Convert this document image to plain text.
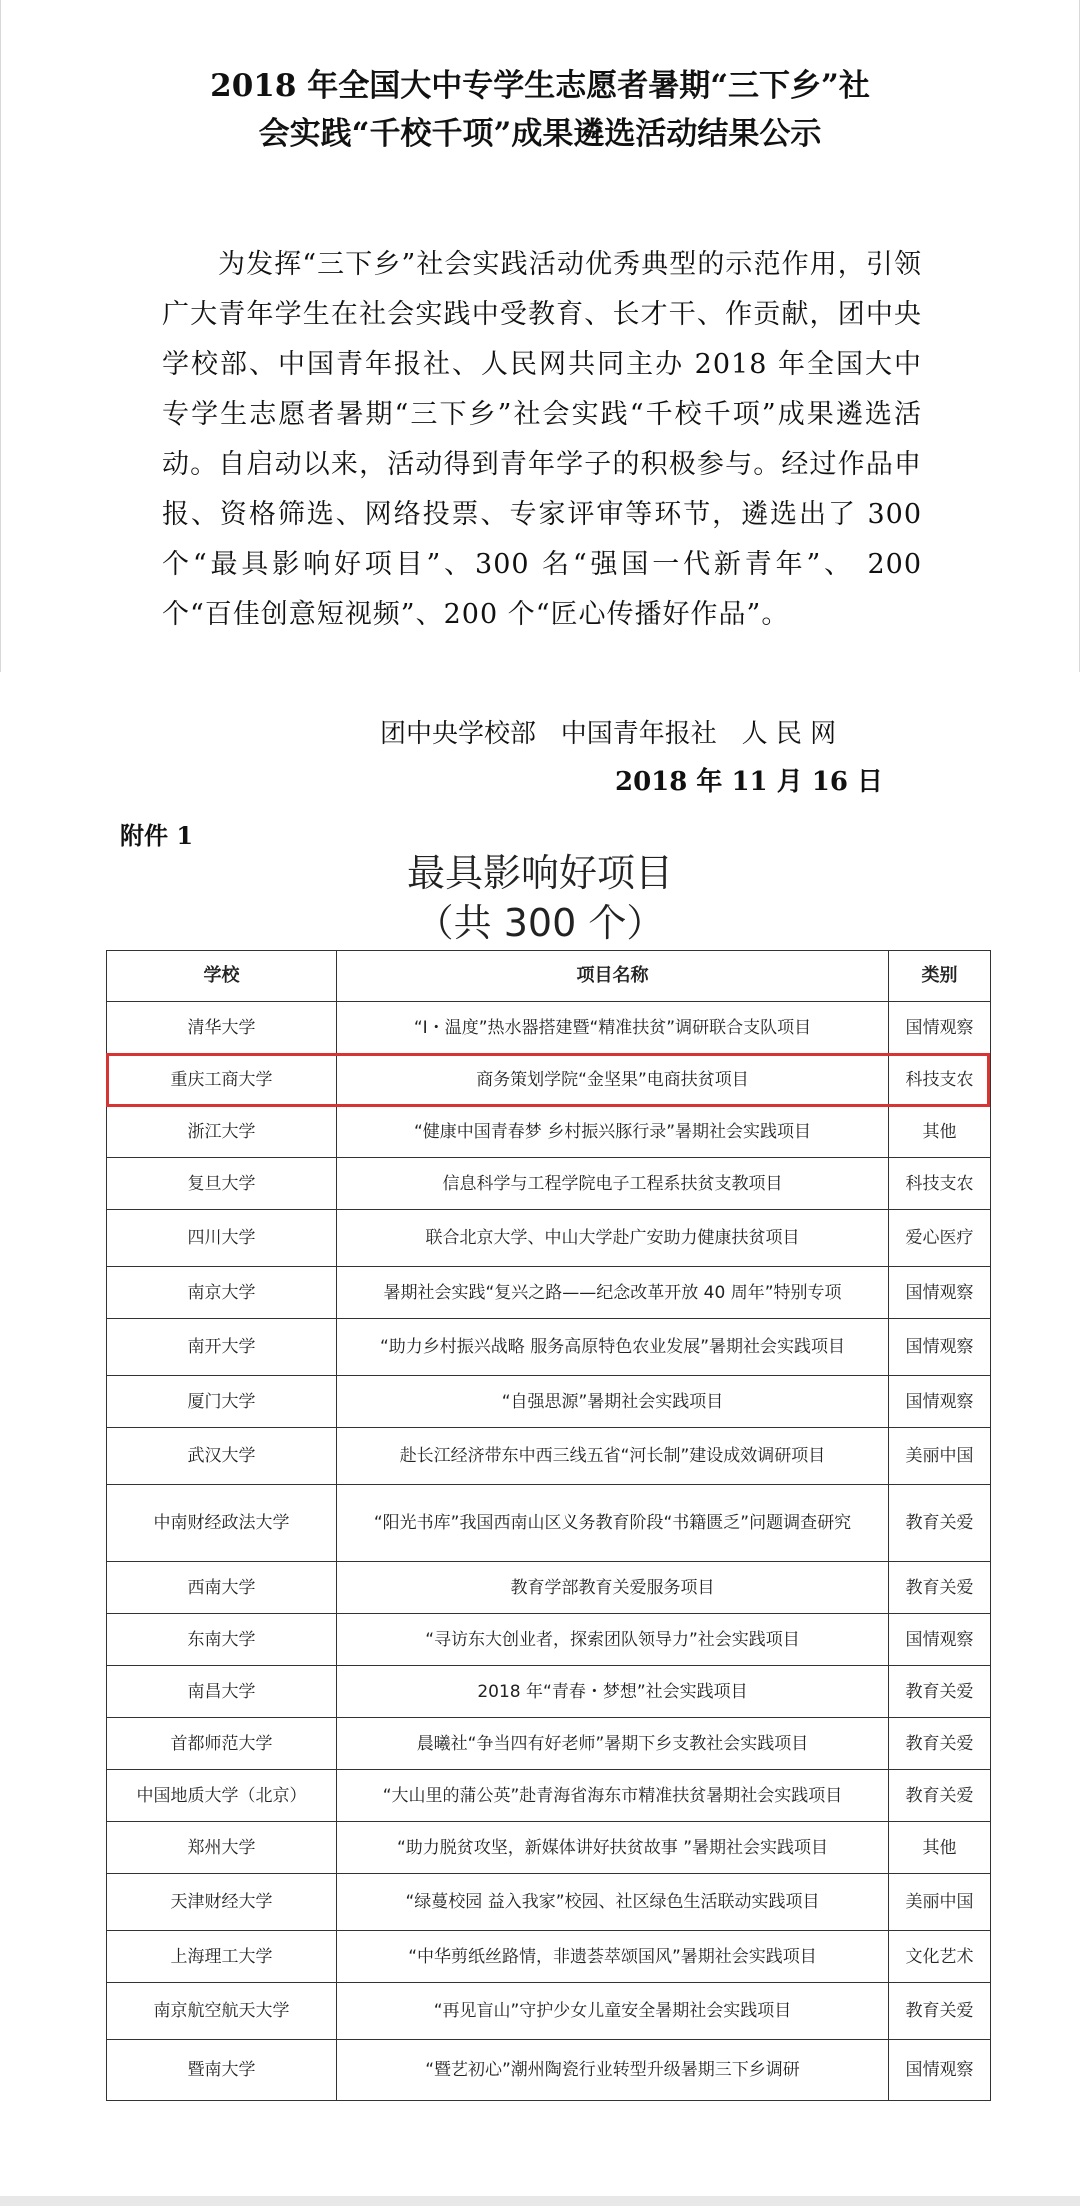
2018 年全国大中专学生志愿者暑期“三下乡”社
会实践“千校千项”成果遴选活动结果公示
为发挥“三下乡”社会实践活动优秀典型的示范作用，引领广大青年学生在社会实践中受教育、长才干、作贡献，团中央学校部、中国青年报社、人民网共同主办 2018 年全国大中专学生志愿者暑期“三下乡”社会实践“千校千项”成果遴选活动。自启动以来，活动得到青年学子的积极参与。经过作品申报、资格筛选、网络投票、专家评审等环节，遴选出了 300个“最具影响好项目”、300 名“强国一代新青年”、 200个“百佳创意短视频”、200 个“匠心传播好作品”。
团中央学校部   中国青年报社   人 民 网
2018 年 11 月 16 日
附件 1
最具影响好项目
（共 300 个）
学校	项目名称	类别
清华大学	“I・温度”热水器搭建暨“精准扶贫”调研联合支队项目	国情观察
重庆工商大学	商务策划学院“金坚果”电商扶贫项目	科技支农
浙江大学	“健康中国青春梦 乡村振兴豚行录”暑期社会实践项目	其他
复旦大学	信息科学与工程学院电子工程系扶贫支教项目	科技支农
四川大学	联合北京大学、中山大学赴广安助力健康扶贫项目	爱心医疗
南京大学	暑期社会实践“复兴之路——纪念改革开放 40 周年”特别专项	国情观察
南开大学	“助力乡村振兴战略 服务高原特色农业发展”暑期社会实践项目	国情观察
厦门大学	“自强思源”暑期社会实践项目	国情观察
武汉大学	赴长江经济带东中西三线五省“河长制”建设成效调研项目	美丽中国
中南财经政法大学	“阳光书库”我国西南山区义务教育阶段“书籍匮乏”问题调查研究	教育关爱
西南大学	教育学部教育关爱服务项目	教育关爱
东南大学	“寻访东大创业者，探索团队领导力”社会实践项目	国情观察
南昌大学	2018 年“青春・梦想”社会实践项目	教育关爱
首都师范大学	晨曦社“争当四有好老师”暑期下乡支教社会实践项目	教育关爱
中国地质大学（北京）	“大山里的蒲公英”赴青海省海东市精准扶贫暑期社会实践项目	教育关爱
郑州大学	“助力脱贫攻坚，新媒体讲好扶贫故事 ”暑期社会实践项目	其他
天津财经大学	“绿蔓校园 益入我家”校园、社区绿色生活联动实践项目	美丽中国
上海理工大学	“中华剪纸丝路情，非遗荟萃颂国风”暑期社会实践项目	文化艺术
南京航空航天大学	“再见盲山”守护少女儿童安全暑期社会实践项目	教育关爱
暨南大学	“暨艺初心”潮州陶瓷行业转型升级暑期三下乡调研	国情观察
